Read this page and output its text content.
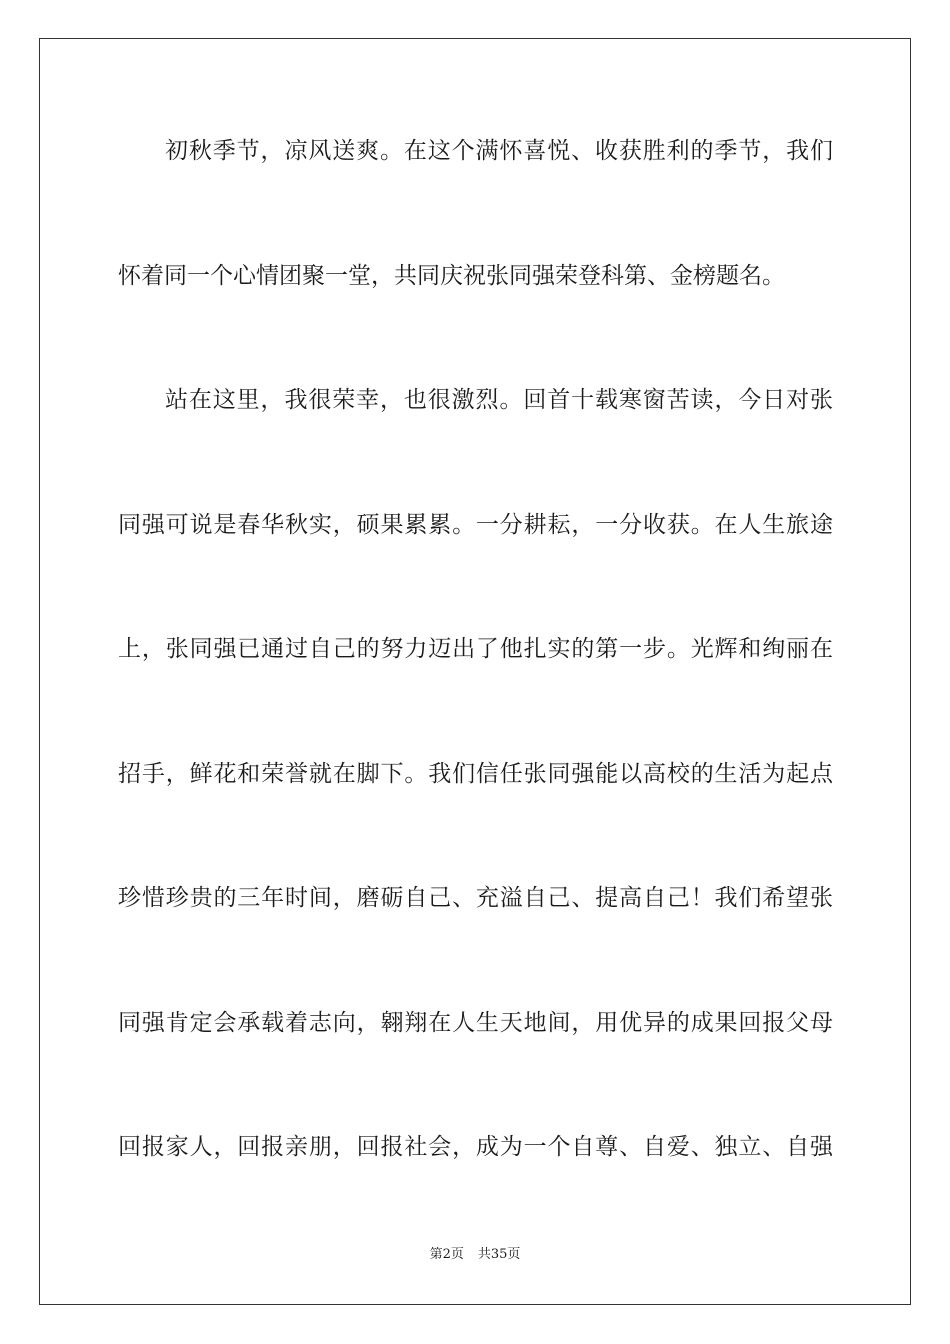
初秋季节，凉风送爽。在这个满怀喜悦、收获胜利的季节，我们
怀着同一个心情团聚一堂，共同庆祝张同强荣登科第、金榜题名。
站在这里，我很荣幸，也很激烈。回首十载寒窗苦读，今日对张
同强可说是春华秋实，硕果累累。一分耕耘，一分收获。在人生旅途
上，张同强已通过自己的努力迈出了他扎实的第一步。光辉和绚丽在
招手，鲜花和荣誉就在脚下。我们信任张同强能以高校的生活为起点
珍惜珍贵的三年时间，磨砺自己、充溢自己、提高自己！我们希望张
同强肯定会承载着志向，翱翔在人生天地间，用优异的成果回报父母
回报家人，回报亲朋，回报社会，成为一个自尊、自爱、独立、自强
第2页 共35页
